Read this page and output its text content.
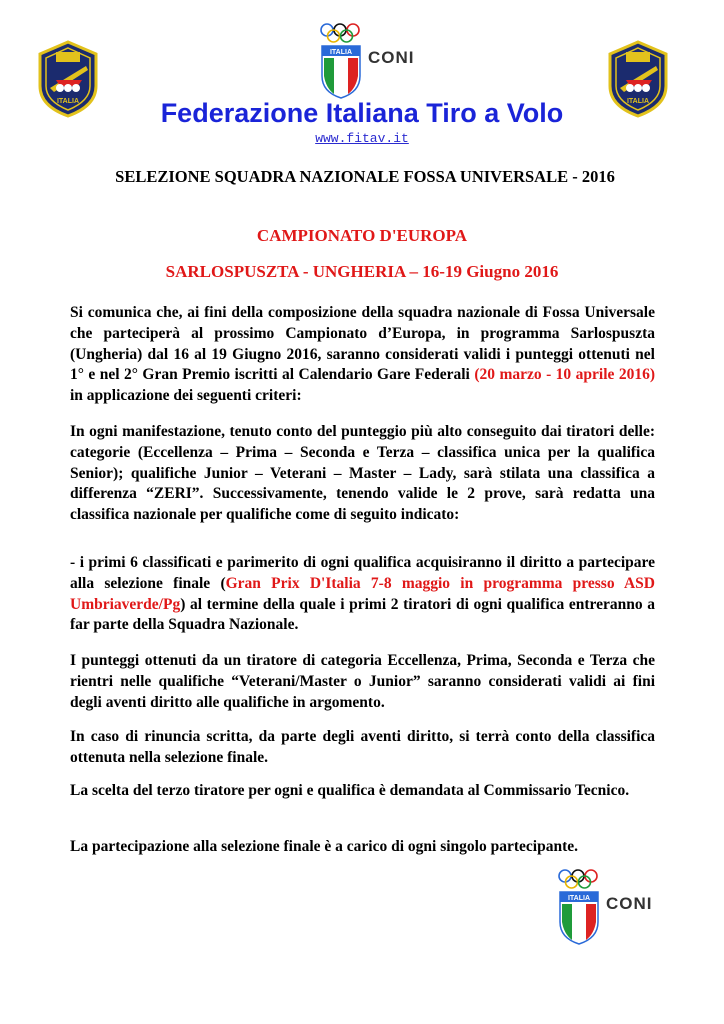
ITALIA	ITALIA
ITALIA CONI
Federazione Italiana Tiro a Volo
www.fitav.it
SELEZIONE SQUADRA NAZIONALE FOSSA UNIVERSALE - 2016
CAMPIONATO D'EUROPA
SARLOSPUSZTA - UNGHERIA – 16-19 Giugno 2016
Si comunica che, ai fini della composizione della squadra nazionale di Fossa Universale che parteciperà al prossimo Campionato d’Europa, in programma Sarlospuszta (Ungheria) dal 16 al 19 Giugno 2016, saranno considerati validi i punteggi ottenuti nel 1° e nel 2° Gran Premio iscritti al Calendario Gare Federali (20 marzo - 10 aprile 2016) in applicazione dei seguenti criteri:
In ogni manifestazione, tenuto conto del punteggio più alto conseguito dai tiratori delle: categorie (Eccellenza – Prima – Seconda e Terza – classifica unica per la qualifica Senior); qualifiche Junior – Veterani – Master – Lady, sarà stilata una classifica a differenza “ZERI”. Successivamente, tenendo valide le 2 prove, sarà redatta una classifica nazionale per qualifiche come di seguito indicato:
- i primi 6 classificati e parimerito di ogni qualifica acquisiranno il diritto a partecipare alla selezione finale (Gran Prix D'Italia 7-8 maggio in programma presso ASD Umbriaverde/Pg) al termine della quale i primi 2 tiratori di ogni qualifica entreranno a far parte della Squadra Nazionale.
I punteggi ottenuti da un tiratore di categoria Eccellenza, Prima, Seconda e Terza che rientri nelle qualifiche “Veterani/Master o Junior” saranno considerati validi ai fini degli aventi diritto alle qualifiche in argomento.
In caso di rinuncia scritta, da parte degli aventi diritto, si terrà conto della classifica ottenuta nella selezione finale.
La scelta del terzo tiratore per ogni e qualifica è demandata al Commissario Tecnico.
La partecipazione alla selezione finale è a carico di ogni singolo partecipante.
ITALIA CONI
